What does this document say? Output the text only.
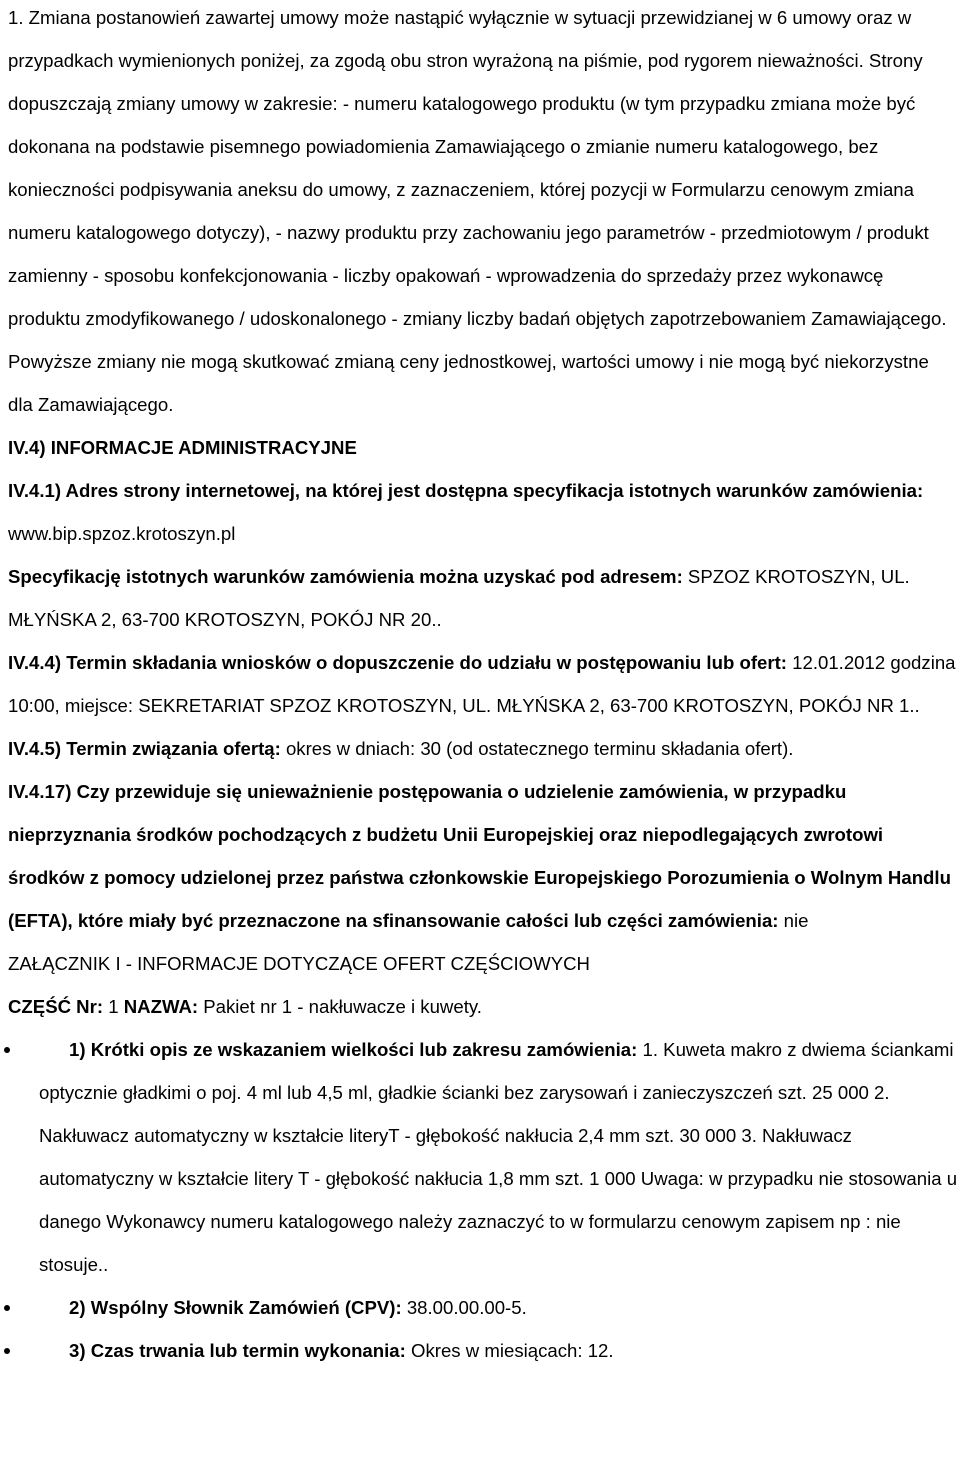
1. Zmiana postanowień zawartej umowy może nastąpić wyłącznie w sytuacji przewidzianej w 6 umowy oraz w przypadkach wymienionych poniżej, za zgodą obu stron wyrażoną na piśmie, pod rygorem nieważności. Strony dopuszczają zmiany umowy w zakresie: - numeru katalogowego produktu (w tym przypadku zmiana może być dokonana na podstawie pisemnego powiadomienia Zamawiającego o zmianie numeru katalogowego, bez konieczności podpisywania aneksu do umowy, z zaznaczeniem, której pozycji w Formularzu cenowym zmiana numeru katalogowego dotyczy), - nazwy produktu przy zachowaniu jego parametrów - przedmiotowym / produkt zamienny - sposobu konfekcjonowania - liczby opakowań - wprowadzenia do sprzedaży przez wykonawcę produktu zmodyfikowanego / udoskonalonego - zmiany liczby badań objętych zapotrzebowaniem Zamawiającego. Powyższe zmiany nie mogą skutkować zmianą ceny jednostkowej, wartości umowy i nie mogą być niekorzystne dla Zamawiającego.

IV.4) INFORMACJE ADMINISTRACYJNE

IV.4.1) Adres strony internetowej, na której jest dostępna specyfikacja istotnych warunków zamówienia: www.bip.spzoz.krotoszyn.pl

Specyfikację istotnych warunków zamówienia można uzyskać pod adresem: SPZOZ KROTOSZYN, UL. MŁYŃSKA 2, 63-700 KROTOSZYN, POKÓJ NR 20..

IV.4.4) Termin składania wniosków o dopuszczenie do udziału w postępowaniu lub ofert: 12.01.2012 godzina 10:00, miejsce: SEKRETARIAT SPZOZ KROTOSZYN, UL. MŁYŃSKA 2, 63-700 KROTOSZYN, POKÓJ NR 1..

IV.4.5) Termin związania ofertą: okres w dniach: 30 (od ostatecznego terminu składania ofert).

IV.4.17) Czy przewiduje się unieważnienie postępowania o udzielenie zamówienia, w przypadku nieprzyznania środków pochodzących z budżetu Unii Europejskiej oraz niepodlegających zwrotowi środków z pomocy udzielonej przez państwa członkowskie Europejskiego Porozumienia o Wolnym Handlu (EFTA), które miały być przeznaczone na sfinansowanie całości lub części zamówienia: nie

ZAŁĄCZNIK I - INFORMACJE DOTYCZĄCE OFERT CZĘŚCIOWYCH

CZĘŚĆ Nr: 1 NAZWA: Pakiet nr 1 - nakłuwacze i kuwety.

1) Krótki opis ze wskazaniem wielkości lub zakresu zamówienia: 1. Kuweta makro z dwiema ściankami optycznie gładkimi o poj. 4 ml lub 4,5 ml, gładkie ścianki bez zarysowań i zanieczyszczeń szt. 25 000 2. Nakłuwacz automatyczny w kształcie literyT - głębokość nakłucia 2,4 mm szt. 30 000 3. Nakłuwacz automatyczny w kształcie litery T - głębokość nakłucia 1,8 mm szt. 1 000 Uwaga: w przypadku nie stosowania u danego Wykonawcy numeru katalogowego należy zaznaczyć to w formularzu cenowym zapisem np : nie stosuje..
2) Wspólny Słownik Zamówień (CPV): 38.00.00.00-5.
3) Czas trwania lub termin wykonania: Okres w miesiącach: 12.
